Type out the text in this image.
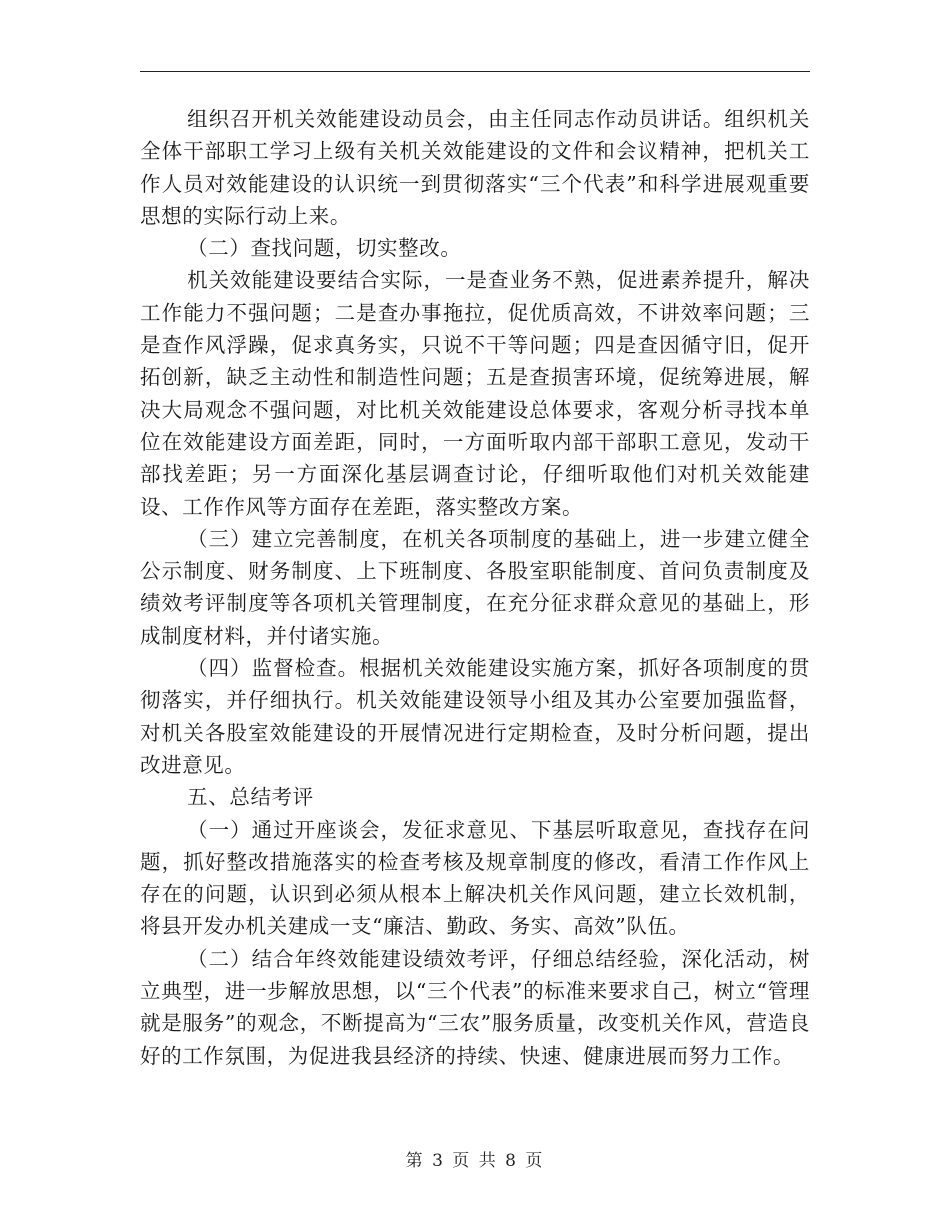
组织召开机关效能建设动员会，由主任同志作动员讲话。组织机关全体干部职工学习上级有关机关效能建设的文件和会议精神，把机关工作人员对效能建设的认识统一到贯彻落实“三个代表”和科学进展观重要思想的实际行动上来。

（二）查找问题，切实整改。

机关效能建设要结合实际，一是查业务不熟，促进素养提升，解决工作能力不强问题；二是查办事拖拉，促优质高效，不讲效率问题；三是查作风浮躁，促求真务实，只说不干等问题；四是查因循守旧，促开拓创新，缺乏主动性和制造性问题；五是查损害环境，促统筹进展，解决大局观念不强问题，对比机关效能建设总体要求，客观分析寻找本单位在效能建设方面差距，同时，一方面听取内部干部职工意见，发动干部找差距；另一方面深化基层调查讨论，仔细听取他们对机关效能建设、工作作风等方面存在差距，落实整改方案。

（三）建立完善制度，在机关各项制度的基础上，进一步建立健全公示制度、财务制度、上下班制度、各股室职能制度、首问负责制度及绩效考评制度等各项机关管理制度，在充分征求群众意见的基础上，形成制度材料，并付诸实施。

（四）监督检查。根据机关效能建设实施方案，抓好各项制度的贯彻落实，并仔细执行。机关效能建设领导小组及其办公室要加强监督，对机关各股室效能建设的开展情况进行定期检查，及时分析问题，提出改进意见。

五、总结考评

（一）通过开座谈会，发征求意见、下基层听取意见，查找存在问题，抓好整改措施落实的检查考核及规章制度的修改，看清工作作风上存在的问题，认识到必须从根本上解决机关作风问题，建立长效机制，将县开发办机关建成一支“廉洁、勤政、务实、高效”队伍。

（二）结合年终效能建设绩效考评，仔细总结经验，深化活动，树立典型，进一步解放思想，以“三个代表”的标准来要求自己，树立“管理就是服务”的观念，不断提高为“三农”服务质量，改变机关作风，营造良好的工作氛围，为促进我县经济的持续、快速、健康进展而努力工作。

第 3 页 共 8 页
